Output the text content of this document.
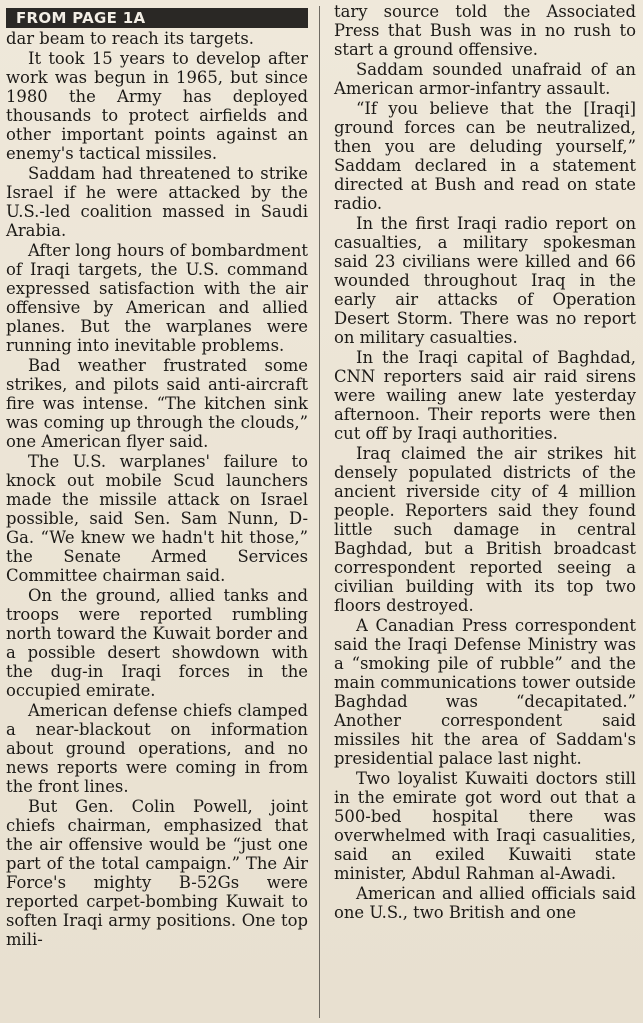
FROM PAGE 1A

dar beam to reach its targets.

It took 15 years to develop after work was begun in 1965, but since 1980 the Army has deployed thousands to protect airfields and other important points against an enemy's tactical missiles.

Saddam had threatened to strike Israel if he were attacked by the U.S.-led coalition massed in Saudi Arabia.

After long hours of bombardment of Iraqi targets, the U.S. command expressed satisfaction with the air offensive by American and allied planes. But the warplanes were running into inevitable problems.

Bad weather frustrated some strikes, and pilots said anti-aircraft fire was intense. “The kitchen sink was coming up through the clouds,” one American flyer said.

The U.S. warplanes' failure to knock out mobile Scud launchers made the missile attack on Israel possible, said Sen. Sam Nunn, D-Ga. “We knew we hadn't hit those,” the Senate Armed Services Committee chairman said.

On the ground, allied tanks and troops were reported rumbling north toward the Kuwait border and a possible desert showdown with the dug-in Iraqi forces in the occupied emirate.

American defense chiefs clamped a near-blackout on information about ground operations, and no news reports were coming in from the front lines.

But Gen. Colin Powell, joint chiefs chairman, emphasized that the air offensive would be “just one part of the total campaign.” The Air Force's mighty B-52Gs were reported carpet-bombing Kuwait to soften Iraqi army positions. One top mili-

tary source told the Associated Press that Bush was in no rush to start a ground offensive.

Saddam sounded unafraid of an American armor-infantry assault.

“If you believe that the [Iraqi] ground forces can be neutralized, then you are deluding yourself,” Saddam declared in a statement directed at Bush and read on state radio.

In the first Iraqi radio report on casualties, a military spokesman said 23 civilians were killed and 66 wounded throughout Iraq in the early air attacks of Operation Desert Storm. There was no report on military casualties.

In the Iraqi capital of Baghdad, CNN reporters said air raid sirens were wailing anew late yesterday afternoon. Their reports were then cut off by Iraqi authorities.

Iraq claimed the air strikes hit densely populated districts of the ancient riverside city of 4 million people. Reporters said they found little such damage in central Baghdad, but a British broadcast correspondent reported seeing a civilian building with its top two floors destroyed.

A Canadian Press correspondent said the Iraqi Defense Ministry was a “smoking pile of rubble” and the main communications tower outside Baghdad was “decapitated.” Another correspondent said missiles hit the area of Saddam's presidential palace last night.

Two loyalist Kuwaiti doctors still in the emirate got word out that a 500-bed hospital there was overwhelmed with Iraqi casualities, said an exiled Kuwaiti state minister, Abdul Rahman al-Awadi.

American and allied officials said one U.S., two British and one
